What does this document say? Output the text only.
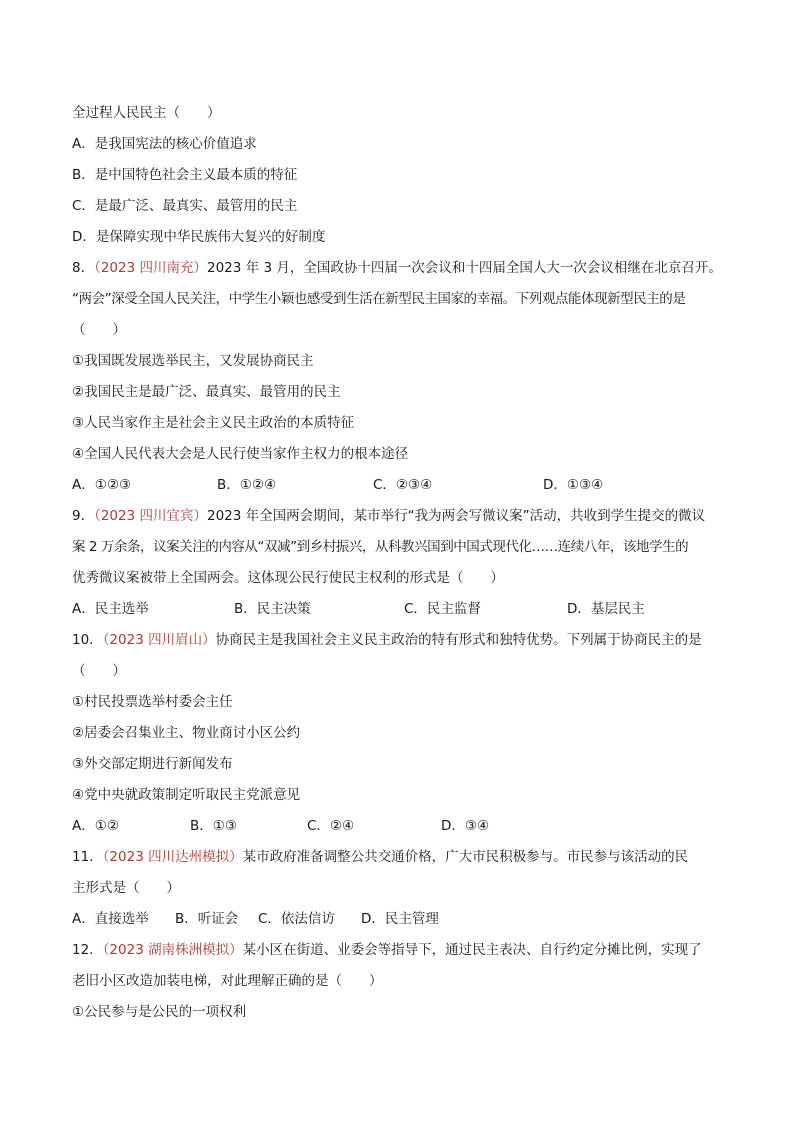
全过程人民民主（　　）
A．是我国宪法的核心价值追求
B．是中国特色社会主义最本质的特征
C．是最广泛、最真实、最管用的民主
D．是保障实现中华民族伟大复兴的好制度
8．（2023 四川南充）2023 年 3 月，全国政协十四届一次会议和十四届全国人大一次会议相继在北京召开。
“两会”深受全国人民关注，中学生小颖也感受到生活在新型民主国家的幸福。下列观点能体现新型民主的是
（　　）
①我国既发展选举民主，又发展协商民主
②我国民主是最广泛、最真实、最管用的民主
③人民当家作主是社会主义民主政治的本质特征
④全国人民代表大会是人民行使当家作主权力的根本途径
A．①②③	B．①②④	C．②③④	D．①③④
9．（2023 四川宜宾）2023 年全国两会期间，某市举行“我为两会写微议案”活动，共收到学生提交的微议
案 2 万余条，议案关注的内容从“双减”到乡村振兴，从科教兴国到中国式现代化……连续八年，该地学生的
优秀微议案被带上全国两会。这体现公民行使民主权利的形式是（　　）
A．民主选举	B．民主决策	C．民主监督	D．基层民主
10．（2023 四川眉山）协商民主是我国社会主义民主政治的特有形式和独特优势。下列属于协商民主的是
（　　）
①村民投票选举村委会主任
②居委会召集业主、物业商讨小区公约
③外交部定期进行新闻发布
④党中央就政策制定听取民主党派意见
A．①②	B．①③	C．②④	D．③④
11．（2023 四川达州模拟）某市政府准备调整公共交通价格，广大市民积极参与。市民参与该活动的民
主形式是（　　）
A．直接选举	B．听证会	C．依法信访	D．民主管理
12．（2023 湖南株洲模拟）某小区在街道、业委会等指导下，通过民主表决、自行约定分摊比例，实现了
老旧小区改造加装电梯，对此理解正确的是（　　）
①公民参与是公民的一项权利
